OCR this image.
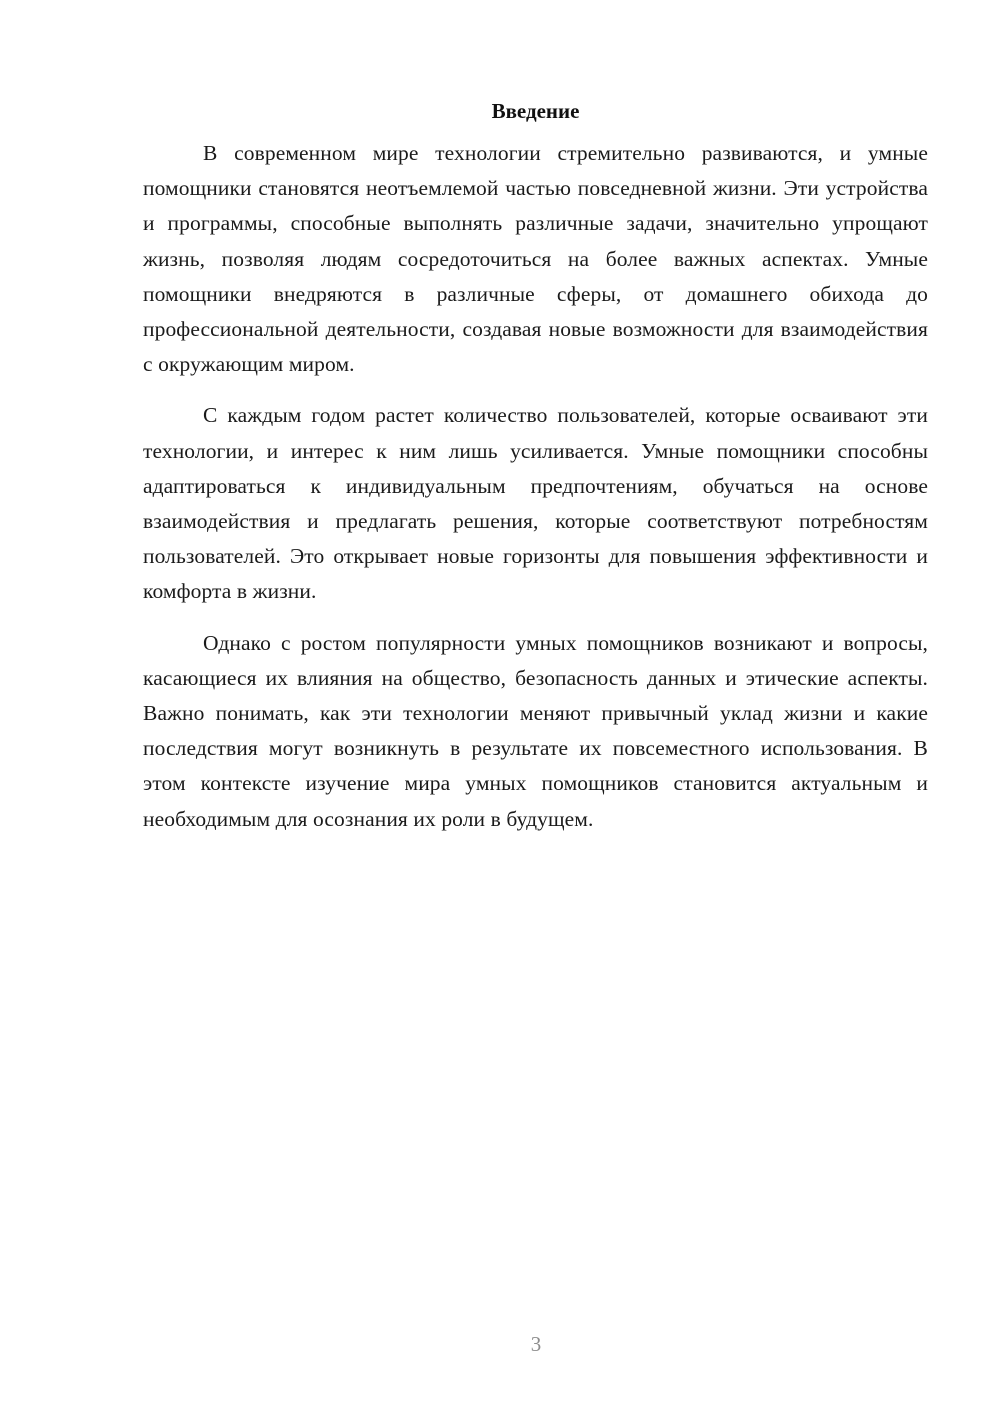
Введение

В современном мире технологии стремительно развиваются, и умные помощники становятся неотъемлемой частью повседневной жизни. Эти устройства и программы, способные выполнять различные задачи, значительно упрощают жизнь, позволяя людям сосредоточиться на более важных аспектах. Умные помощники внедряются в различные сферы, от домашнего обихода до профессиональной деятельности, создавая новые возможности для взаимодействия с окружающим миром.

С каждым годом растет количество пользователей, которые осваивают эти технологии, и интерес к ним лишь усиливается. Умные помощники способны адаптироваться к индивидуальным предпочтениям, обучаться на основе взаимодействия и предлагать решения, которые соответствуют потребностям пользователей. Это открывает новые горизонты для повышения эффективности и комфорта в жизни.

Однако с ростом популярности умных помощников возникают и вопросы, касающиеся их влияния на общество, безопасность данных и этические аспекты. Важно понимать, как эти технологии меняют привычный уклад жизни и какие последствия могут возникнуть в результате их повсеместного использования. В этом контексте изучение мира умных помощников становится актуальным и необходимым для осознания их роли в будущем.

3
